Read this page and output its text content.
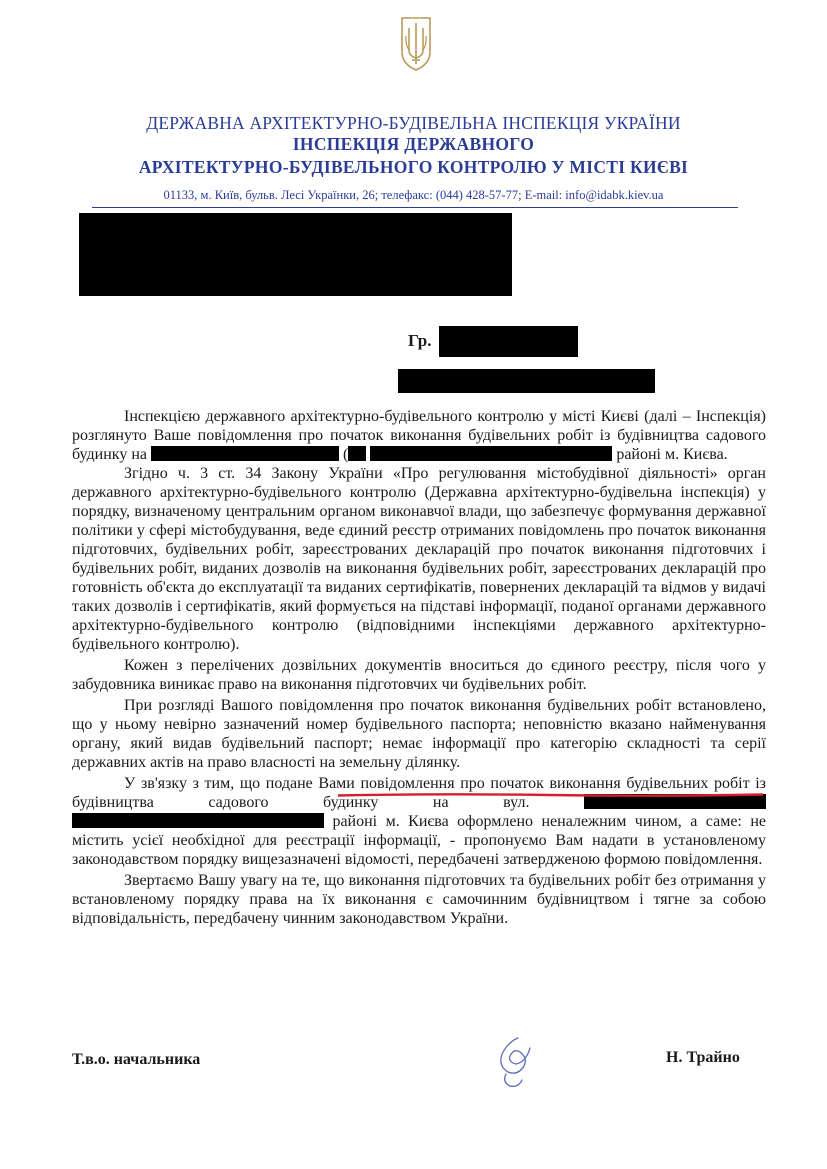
ДЕРЖАВНА АРХІТЕКТУРНО-БУДІВЕЛЬНА ІНСПЕКЦІЯ УКРАЇНИ
ІНСПЕКЦІЯ ДЕРЖАВНОГО
АРХІТЕКТУРНО-БУДІВЕЛЬНОГО КОНТРОЛЮ У МІСТІ КИЄВІ
01133, м. Київ, бульв. Лесі Українки, 26; телефакс: (044) 428-57-77; E-mail: info@idabk.kiev.ua
Гр.

Інспекцією державного архітектурно-будівельного контролю у місті Києві (далі – Інспекція) розглянуто Ваше повідомлення про початок виконання будівельних робіт із будівництва садового будинку на	(	районі м. Києва.

Згідно ч. 3 ст. 34 Закону України «Про регулювання містобудівної діяльності» орган державного архітектурно-будівельного контролю (Державна архітектурно-будівельна інспекція) у порядку, визначеному центральним органом виконавчої влади, що забезпечує формування державної політики у сфері містобудування, веде єдиний реєстр отриманих повідомлень про початок виконання підготовчих, будівельних робіт, зареєстрованих декларацій про початок виконання підготовчих і будівельних робіт, виданих дозволів на виконання будівельних робіт, зареєстрованих декларацій про готовність об'єкта до експлуатації та виданих сертифікатів, повернених декларацій та відмов у видачі таких дозволів і сертифікатів, який формується на підставі інформації, поданої органами державного архітектурно-будівельного контролю (відповідними інспекціями державного архітектурно-будівельного контролю).

Кожен з перелічених дозвільних документів вноситься до єдиного реєстру, після чого у забудовника виникає право на виконання підготовчих чи будівельних робіт.

При розгляді Вашого повідомлення про початок виконання будівельних робіт встановлено, що у ньому невірно зазначений номер будівельного паспорта; неповністю вказано найменування органу, який видав будівельний паспорт; немає інформації про категорію складності та серії державних актів на право власності на земельну ділянку.

У зв'язку з тим, що подане Вами повідомлення про початок виконання будівельних робіт із будівництва садового будинку на вул.   районі м. Києва оформлено неналежним чином, а саме: не містить усієї необхідної для реєстрації інформації, - пропонуємо Вам надати в установленому законодавством порядку вищезазначені відомості, передбачені затвердженою формою повідомлення.

Звертаємо Вашу увагу на те, що виконання підготовчих та будівельних робіт без отримання у встановленому порядку права на їх виконання є самочинним будівництвом і тягне за собою відповідальність, передбачену чинним законодавством України.

Т.в.о. начальника	Н. Трайно
